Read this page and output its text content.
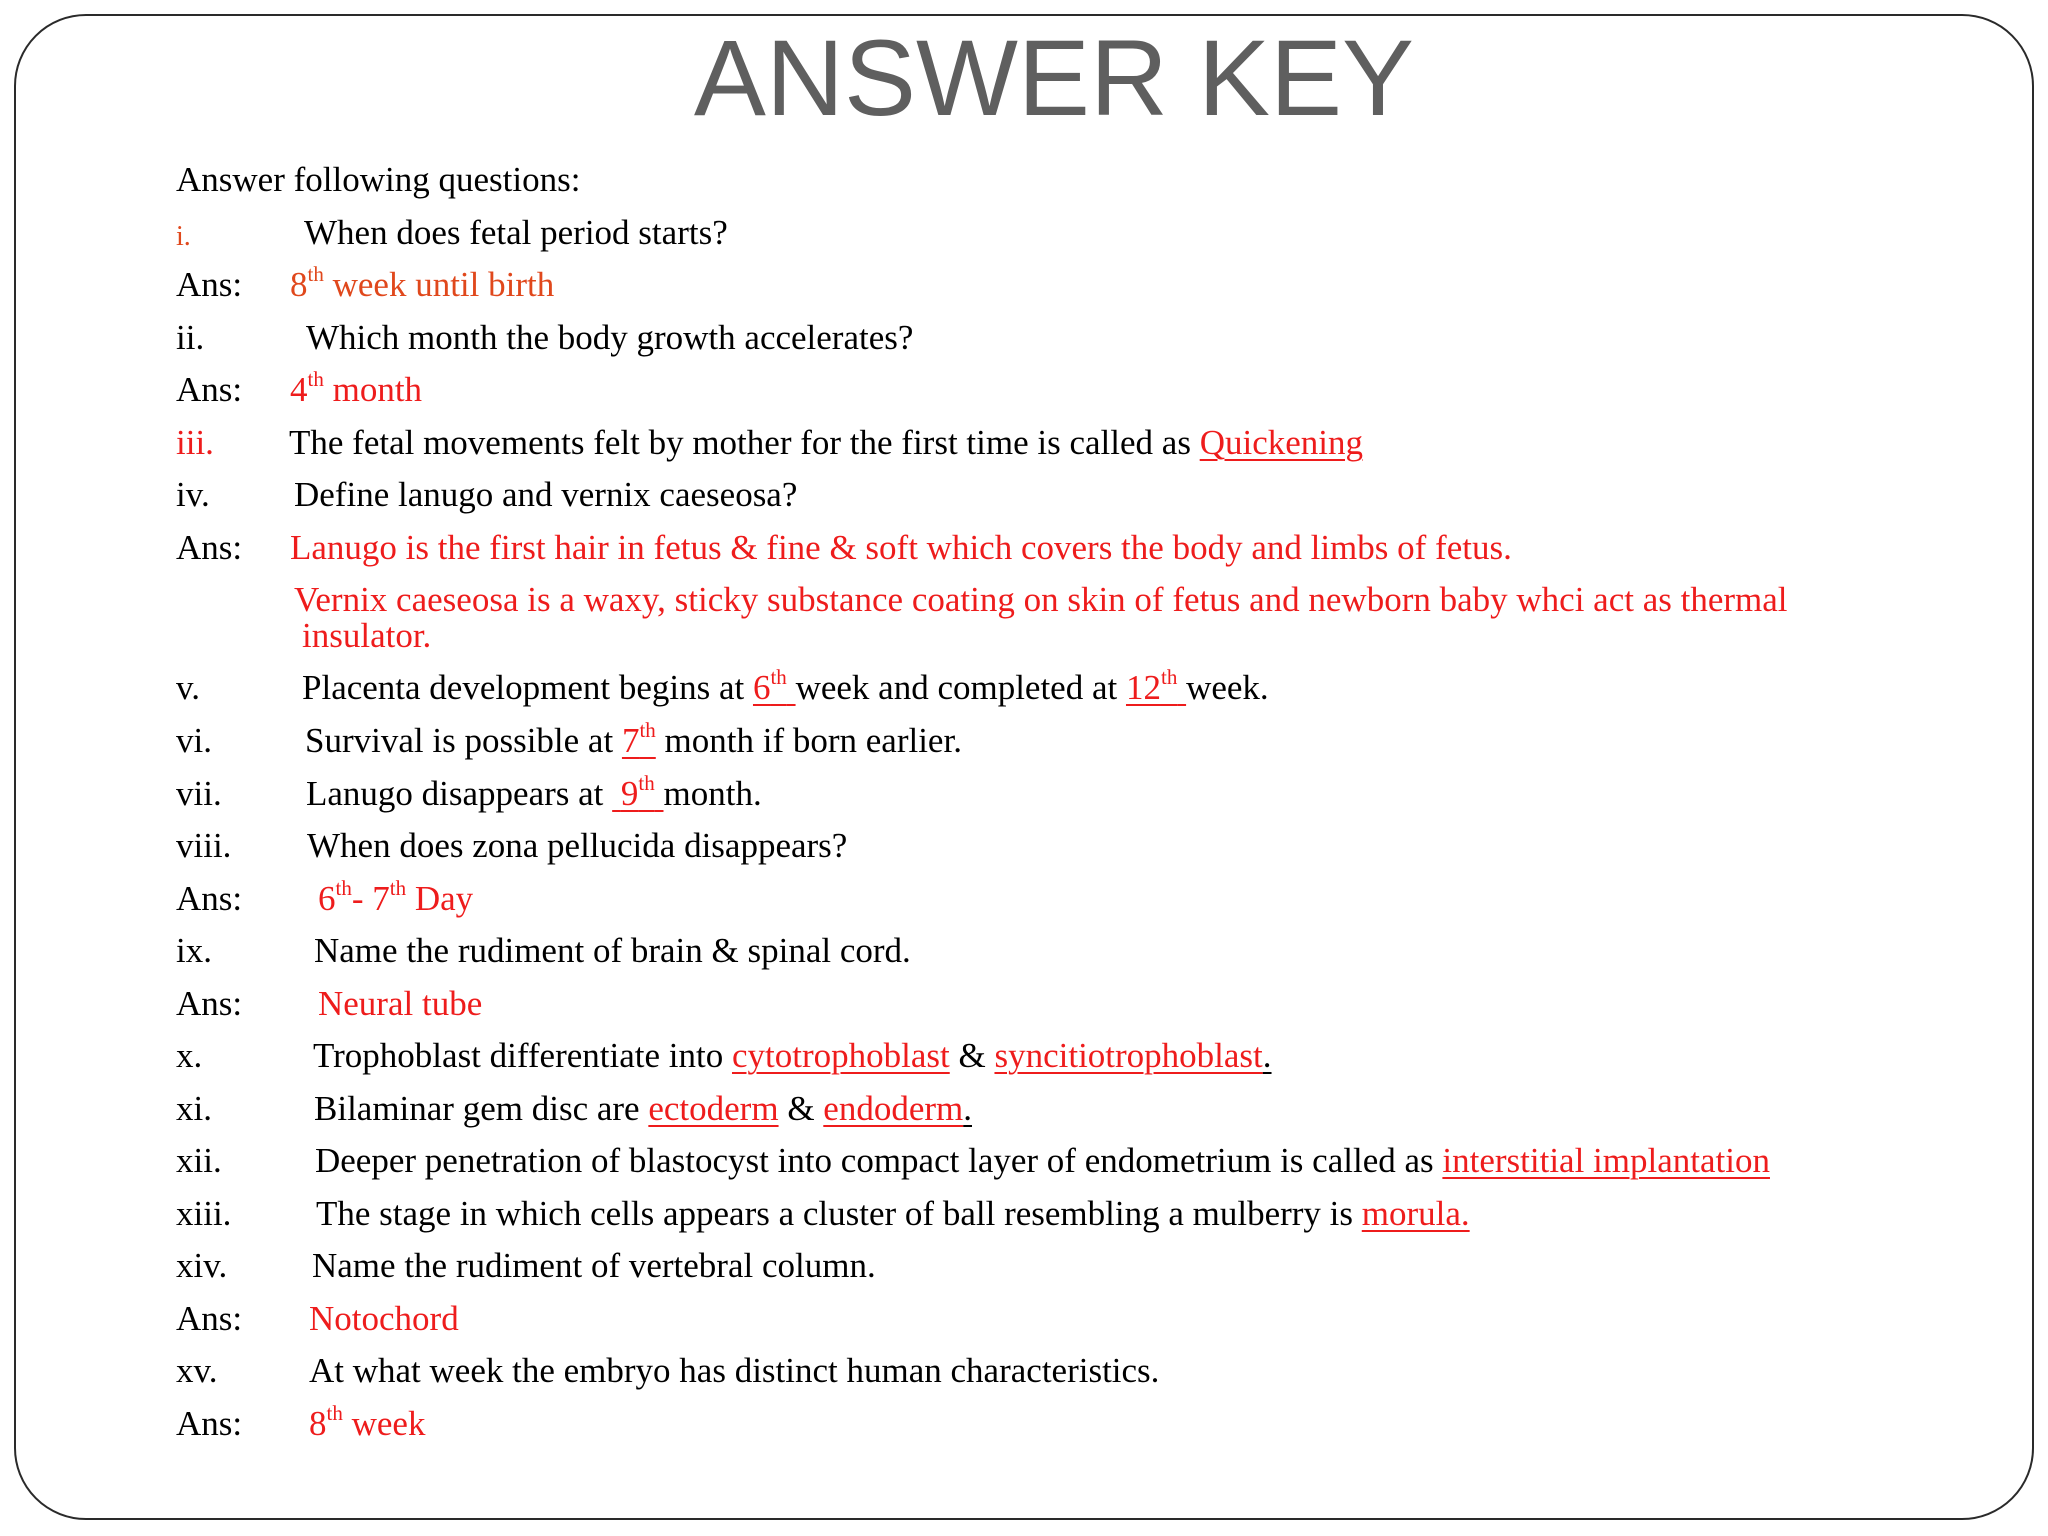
ANSWER KEY
Answer following questions:
i.	When does fetal period starts?
Ans: 8th week until birth
ii.	Which month the body growth accelerates?
Ans: 4th month
iii. The fetal movements felt by mother for the first time is called as Quickening
iv. Define lanugo and vernix caeseosa?
Ans: Lanugo is the first hair in fetus & fine & soft which covers the body and limbs of fetus.
Vernix caeseosa is a waxy, sticky substance coating on skin of fetus and newborn baby whci act as thermal
insulator.
v.	Placenta development begins at 6th week and completed at 12th week.
vi.	Survival is possible at 7th month if born earlier.
vii. Lanugo disappears at  9th month.
viii. When does zona pellucida disappears?
Ans: 6th- 7th Day
ix.	Name the rudiment of brain & spinal cord.
Ans: Neural tube
x.	Trophoblast differentiate into cytotrophoblast & syncitiotrophoblast.
xi.	Bilaminar gem disc are ectoderm & endoderm.
xii.	Deeper penetration of blastocyst into compact layer of endometrium is called as interstitial implantation
xiii. The stage in which cells appears a cluster of ball resembling a mulberry is morula.
xiv. Name the rudiment of vertebral column.
Ans: Notochord
xv.	At what week the embryo has distinct human characteristics.
Ans: 8th week
